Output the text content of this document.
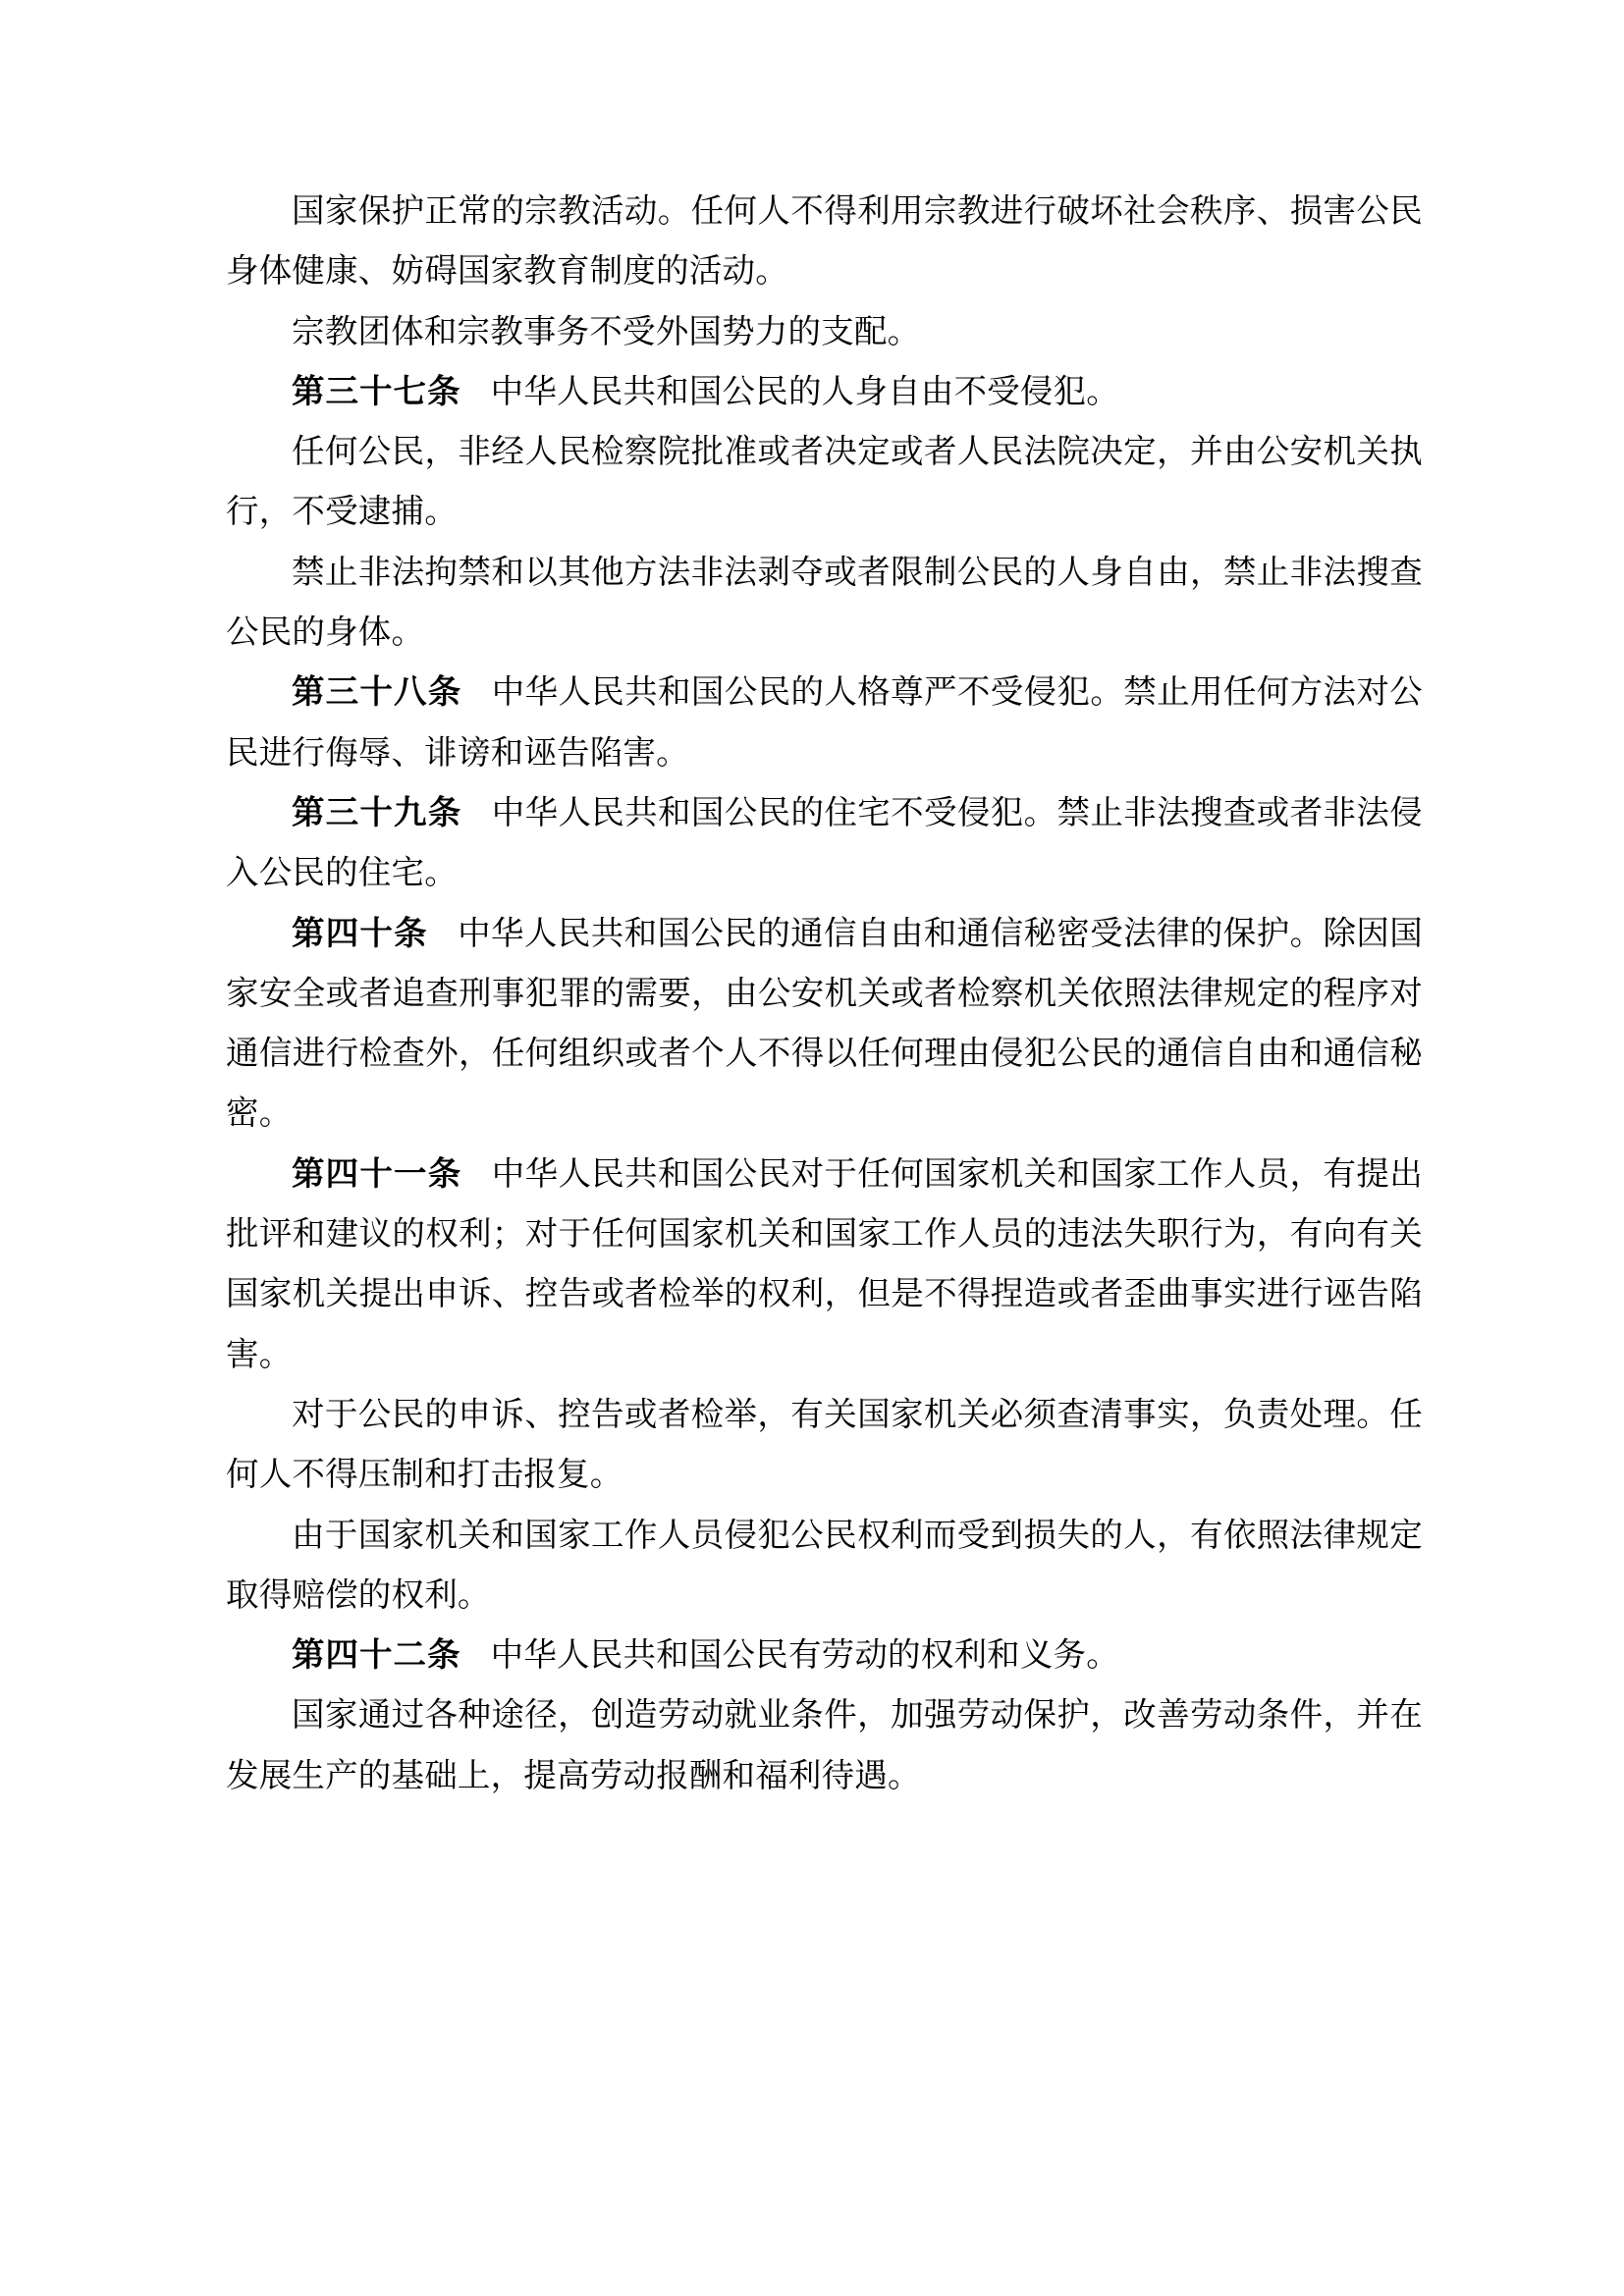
国家保护正常的宗教活动。任何人不得利用宗教进行破坏社会秩序、损害公民身体健康、妨碍国家教育制度的活动。

宗教团体和宗教事务不受外国势力的支配。

第三十七条 中华人民共和国公民的人身自由不受侵犯。

任何公民，非经人民检察院批准或者决定或者人民法院决定，并由公安机关执行，不受逮捕。

禁止非法拘禁和以其他方法非法剥夺或者限制公民的人身自由，禁止非法搜查公民的身体。

第三十八条 中华人民共和国公民的人格尊严不受侵犯。禁止用任何方法对公民进行侮辱、诽谤和诬告陷害。

第三十九条 中华人民共和国公民的住宅不受侵犯。禁止非法搜查或者非法侵入公民的住宅。

第四十条 中华人民共和国公民的通信自由和通信秘密受法律的保护。除因国家安全或者追查刑事犯罪的需要，由公安机关或者检察机关依照法律规定的程序对通信进行检查外，任何组织或者个人不得以任何理由侵犯公民的通信自由和通信秘密。

第四十一条 中华人民共和国公民对于任何国家机关和国家工作人员，有提出批评和建议的权利；对于任何国家机关和国家工作人员的违法失职行为，有向有关国家机关提出申诉、控告或者检举的权利，但是不得捏造或者歪曲事实进行诬告陷害。

对于公民的申诉、控告或者检举，有关国家机关必须查清事实，负责处理。任何人不得压制和打击报复。

由于国家机关和国家工作人员侵犯公民权利而受到损失的人，有依照法律规定取得赔偿的权利。

第四十二条 中华人民共和国公民有劳动的权利和义务。

国家通过各种途径，创造劳动就业条件，加强劳动保护，改善劳动条件，并在发展生产的基础上，提高劳动报酬和福利待遇。
